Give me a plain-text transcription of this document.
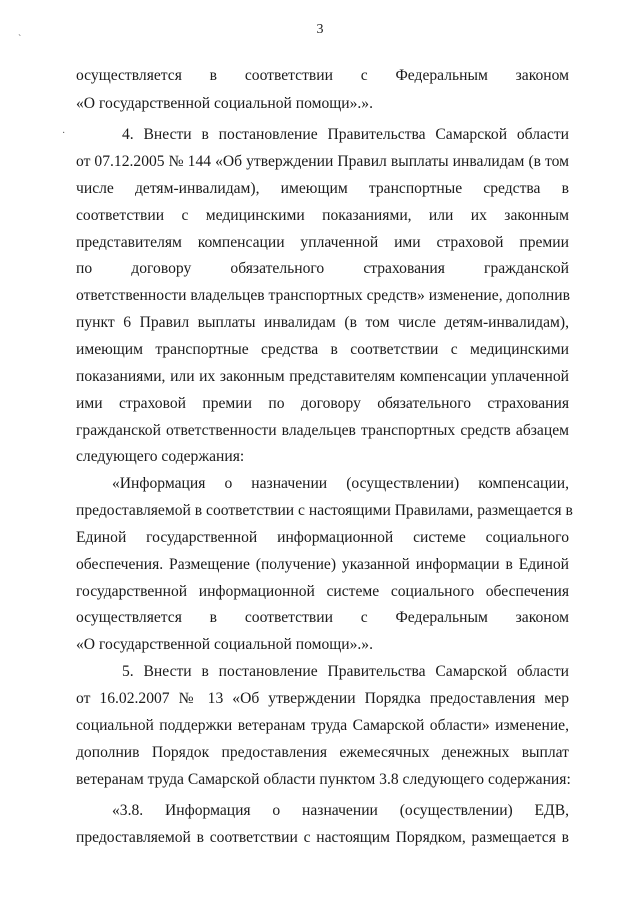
3
`
·
осуществляется в соответствии с Федеральным законом
«О государственной социальной помощи».».
4. Внести в постановление Правительства Самарской области
от 07.12.2005 № 144 «Об утверждении Правил выплаты инвалидам (в том
числе детям-инвалидам), имеющим транспортные средства в
соответствии с медицинскими показаниями, или их законным
представителям компенсации уплаченной ими страховой премии
по договору обязательного страхования гражданской
ответственности владельцев транспортных средств» изменение, дополнив
пункт 6 Правил выплаты инвалидам (в том числе детям-инвалидам),
имеющим транспортные средства в соответствии с медицинскими
показаниями, или их законным представителям компенсации уплаченной
ими страховой премии по договору обязательного страхования
гражданской ответственности владельцев транспортных средств абзацем
следующего содержания:
«Информация о назначении (осуществлении) компенсации,
предоставляемой в соответствии с настоящими Правилами, размещается в
Единой государственной информационной системе социального
обеспечения. Размещение (получение) указанной информации в Единой
государственной информационной системе социального обеспечения
осуществляется в соответствии с Федеральным законом
«О государственной социальной помощи».».
5. Внести в постановление Правительства Самарской области
от 16.02.2007 № 13 «Об утверждении Порядка предоставления мер
социальной поддержки ветеранам труда Самарской области» изменение,
дополнив Порядок предоставления ежемесячных денежных выплат
ветеранам труда Самарской области пунктом 3.8 следующего содержания:
«3.8. Информация о назначении (осуществлении) ЕДВ,
предоставляемой в соответствии с настоящим Порядком, размещается в
